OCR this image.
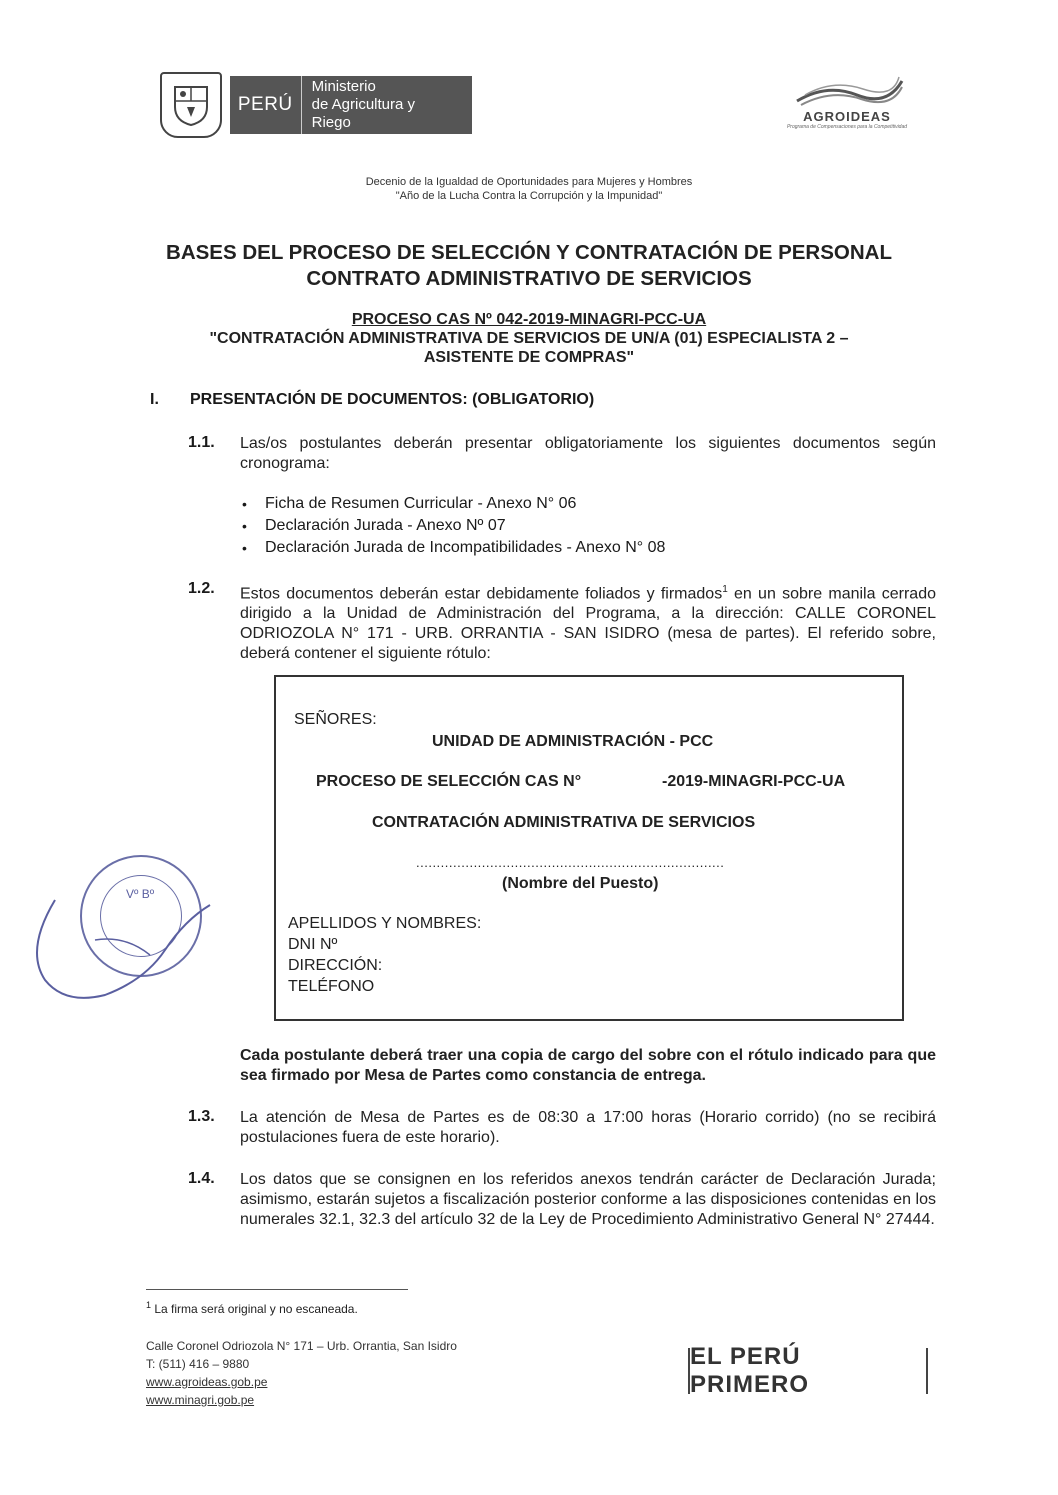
PERÚ
Ministerio
de Agricultura y Riego	AGROIDEAS
Programa de Compensaciones para la Competitividad
Decenio de la Igualdad de Oportunidades para Mujeres y Hombres
"Año de la Lucha Contra la Corrupción y la Impunidad"
BASES DEL PROCESO DE SELECCIÓN Y CONTRATACIÓN DE PERSONAL
CONTRATO ADMINISTRATIVO DE SERVICIOS
PROCESO CAS Nº 042-2019-MINAGRI-PCC-UA
"CONTRATACIÓN ADMINISTRATIVA DE SERVICIOS DE UN/A (01) ESPECIALISTA 2 –
ASISTENTE DE COMPRAS"
I. PRESENTACIÓN DE DOCUMENTOS: (OBLIGATORIO)
1.1. Las/os postulantes deberán presentar obligatoriamente los siguientes documentos según cronograma:
• Ficha de Resumen Curricular - Anexo N° 06
• Declaración Jurada - Anexo Nº 07
• Declaración Jurada de Incompatibilidades - Anexo N° 08
1.2. Estos documentos deberán estar debidamente foliados y firmados$^1$ en un sobre manila cerrado dirigido a la Unidad de Administración del Programa, a la dirección: CALLE CORONEL ODRIOZOLA N° 171 - URB. ORRANTIA - SAN ISIDRO (mesa de partes). El referido sobre, deberá contener el siguiente rótulo:
SEÑORES:
UNIDAD DE ADMINISTRACIÓN - PCC
PROCESO DE SELECCIÓN CAS N°	-2019-MINAGRI-PCC-UA
CONTRATACIÓN ADMINISTRATIVA DE SERVICIOS
...........................................................................
(Nombre del Puesto)
APELLIDOS Y NOMBRES:
DNI Nº
DIRECCIÓN:
TELÉFONO
Vº Bº
Cada postulante deberá traer una copia de cargo del sobre con el rótulo indicado para que sea firmado por Mesa de Partes como constancia de entrega.
1.3. La atención de Mesa de Partes es de 08:30 a 17:00 horas (Horario corrido) (no se recibirá postulaciones fuera de este horario).
1.4. Los datos que se consignen en los referidos anexos tendrán carácter de Declaración Jurada; asimismo, estarán sujetos a fiscalización posterior conforme a las disposiciones contenidas en los numerales 32.1, 32.3 del artículo 32 de la Ley de Procedimiento Administrativo General N° 27444.
$^1$ La firma será original y no escaneada.
Calle Coronel Odriozola N° 171 – Urb. Orrantia, San Isidro
T: (511) 416 – 9880
www.agroideas.gob.pe
www.minagri.gob.pe
EL PERÚ PRIMERO
